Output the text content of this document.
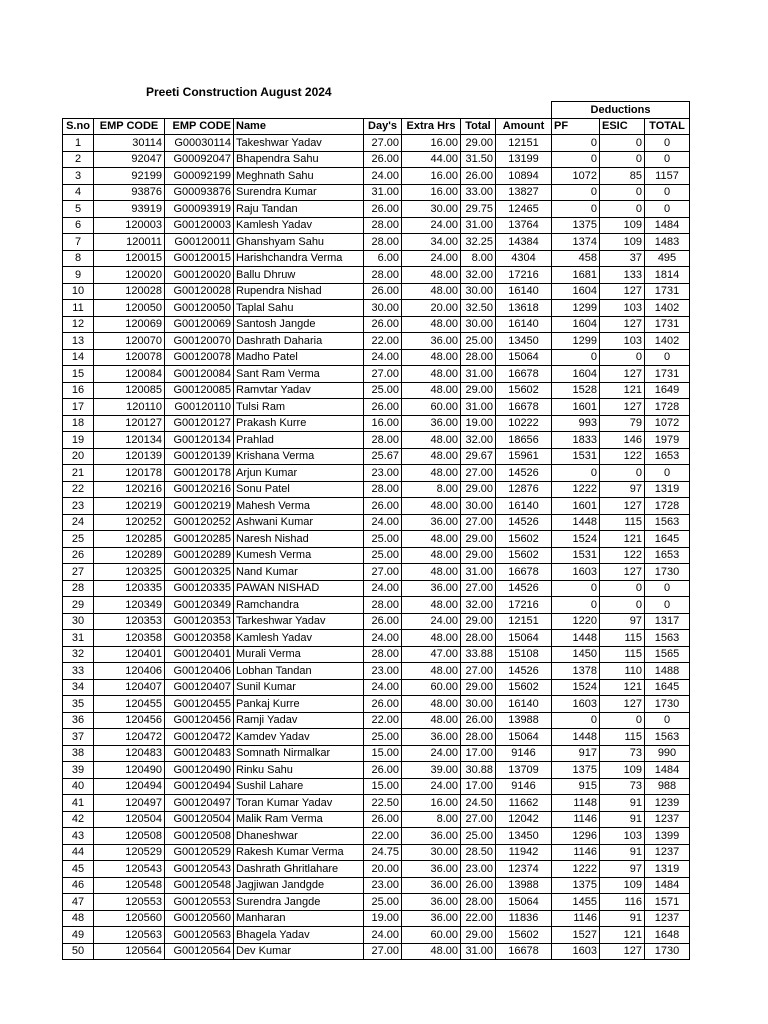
Preeti Construction August 2024
								Deductions		
S.no	EMP CODE	EMP CODE	Name	Day's	Extra Hrs	Total	Amount	PF	ESIC	TOTAL
1	30114	G00030114	Takeshwar Yadav	27.00	16.00	29.00	12151	0	0	0
2	92047	G00092047	Bhapendra Sahu	26.00	44.00	31.50	13199	0	0	0
3	92199	G00092199	Meghnath Sahu	24.00	16.00	26.00	10894	1072	85	1157
4	93876	G00093876	Surendra Kumar	31.00	16.00	33.00	13827	0	0	0
5	93919	G00093919	Raju Tandan	26.00	30.00	29.75	12465	0	0	0
6	120003	G00120003	Kamlesh Yadav	28.00	24.00	31.00	13764	1375	109	1484
7	120011	G00120011	Ghanshyam Sahu	28.00	34.00	32.25	14384	1374	109	1483
8	120015	G00120015	Harishchandra Verma	6.00	24.00	8.00	4304	458	37	495
9	120020	G00120020	Ballu Dhruw	28.00	48.00	32.00	17216	1681	133	1814
10	120028	G00120028	Rupendra Nishad	26.00	48.00	30.00	16140	1604	127	1731
11	120050	G00120050	Taplal Sahu	30.00	20.00	32.50	13618	1299	103	1402
12	120069	G00120069	Santosh Jangde	26.00	48.00	30.00	16140	1604	127	1731
13	120070	G00120070	Dashrath Daharia	22.00	36.00	25.00	13450	1299	103	1402
14	120078	G00120078	Madho Patel	24.00	48.00	28.00	15064	0	0	0
15	120084	G00120084	Sant Ram Verma	27.00	48.00	31.00	16678	1604	127	1731
16	120085	G00120085	Ramvtar Yadav	25.00	48.00	29.00	15602	1528	121	1649
17	120110	G00120110	Tulsi Ram	26.00	60.00	31.00	16678	1601	127	1728
18	120127	G00120127	Prakash Kurre	16.00	36.00	19.00	10222	993	79	1072
19	120134	G00120134	Prahlad	28.00	48.00	32.00	18656	1833	146	1979
20	120139	G00120139	Krishana Verma	25.67	48.00	29.67	15961	1531	122	1653
21	120178	G00120178	Arjun Kumar	23.00	48.00	27.00	14526	0	0	0
22	120216	G00120216	Sonu Patel	28.00	8.00	29.00	12876	1222	97	1319
23	120219	G00120219	Mahesh Verma	26.00	48.00	30.00	16140	1601	127	1728
24	120252	G00120252	Ashwani Kumar	24.00	36.00	27.00	14526	1448	115	1563
25	120285	G00120285	Naresh Nishad	25.00	48.00	29.00	15602	1524	121	1645
26	120289	G00120289	Kumesh Verma	25.00	48.00	29.00	15602	1531	122	1653
27	120325	G00120325	Nand Kumar	27.00	48.00	31.00	16678	1603	127	1730
28	120335	G00120335	PAWAN NISHAD	24.00	36.00	27.00	14526	0	0	0
29	120349	G00120349	Ramchandra	28.00	48.00	32.00	17216	0	0	0
30	120353	G00120353	Tarkeshwar Yadav	26.00	24.00	29.00	12151	1220	97	1317
31	120358	G00120358	Kamlesh Yadav	24.00	48.00	28.00	15064	1448	115	1563
32	120401	G00120401	Murali Verma	28.00	47.00	33.88	15108	1450	115	1565
33	120406	G00120406	Lobhan Tandan	23.00	48.00	27.00	14526	1378	110	1488
34	120407	G00120407	Sunil Kumar	24.00	60.00	29.00	15602	1524	121	1645
35	120455	G00120455	Pankaj Kurre	26.00	48.00	30.00	16140	1603	127	1730
36	120456	G00120456	Ramji Yadav	22.00	48.00	26.00	13988	0	0	0
37	120472	G00120472	Kamdev Yadav	25.00	36.00	28.00	15064	1448	115	1563
38	120483	G00120483	Somnath Nirmalkar	15.00	24.00	17.00	9146	917	73	990
39	120490	G00120490	Rinku Sahu	26.00	39.00	30.88	13709	1375	109	1484
40	120494	G00120494	Sushil Lahare	15.00	24.00	17.00	9146	915	73	988
41	120497	G00120497	Toran Kumar Yadav	22.50	16.00	24.50	11662	1148	91	1239
42	120504	G00120504	Malik Ram Verma	26.00	8.00	27.00	12042	1146	91	1237
43	120508	G00120508	Dhaneshwar	22.00	36.00	25.00	13450	1296	103	1399
44	120529	G00120529	Rakesh Kumar Verma	24.75	30.00	28.50	11942	1146	91	1237
45	120543	G00120543	Dashrath Ghritlahare	20.00	36.00	23.00	12374	1222	97	1319
46	120548	G00120548	Jagjiwan Jandgde	23.00	36.00	26.00	13988	1375	109	1484
47	120553	G00120553	Surendra Jangde	25.00	36.00	28.00	15064	1455	116	1571
48	120560	G00120560	Manharan	19.00	36.00	22.00	11836	1146	91	1237
49	120563	G00120563	Bhagela Yadav	24.00	60.00	29.00	15602	1527	121	1648
50	120564	G00120564	Dev Kumar	27.00	48.00	31.00	16678	1603	127	1730
